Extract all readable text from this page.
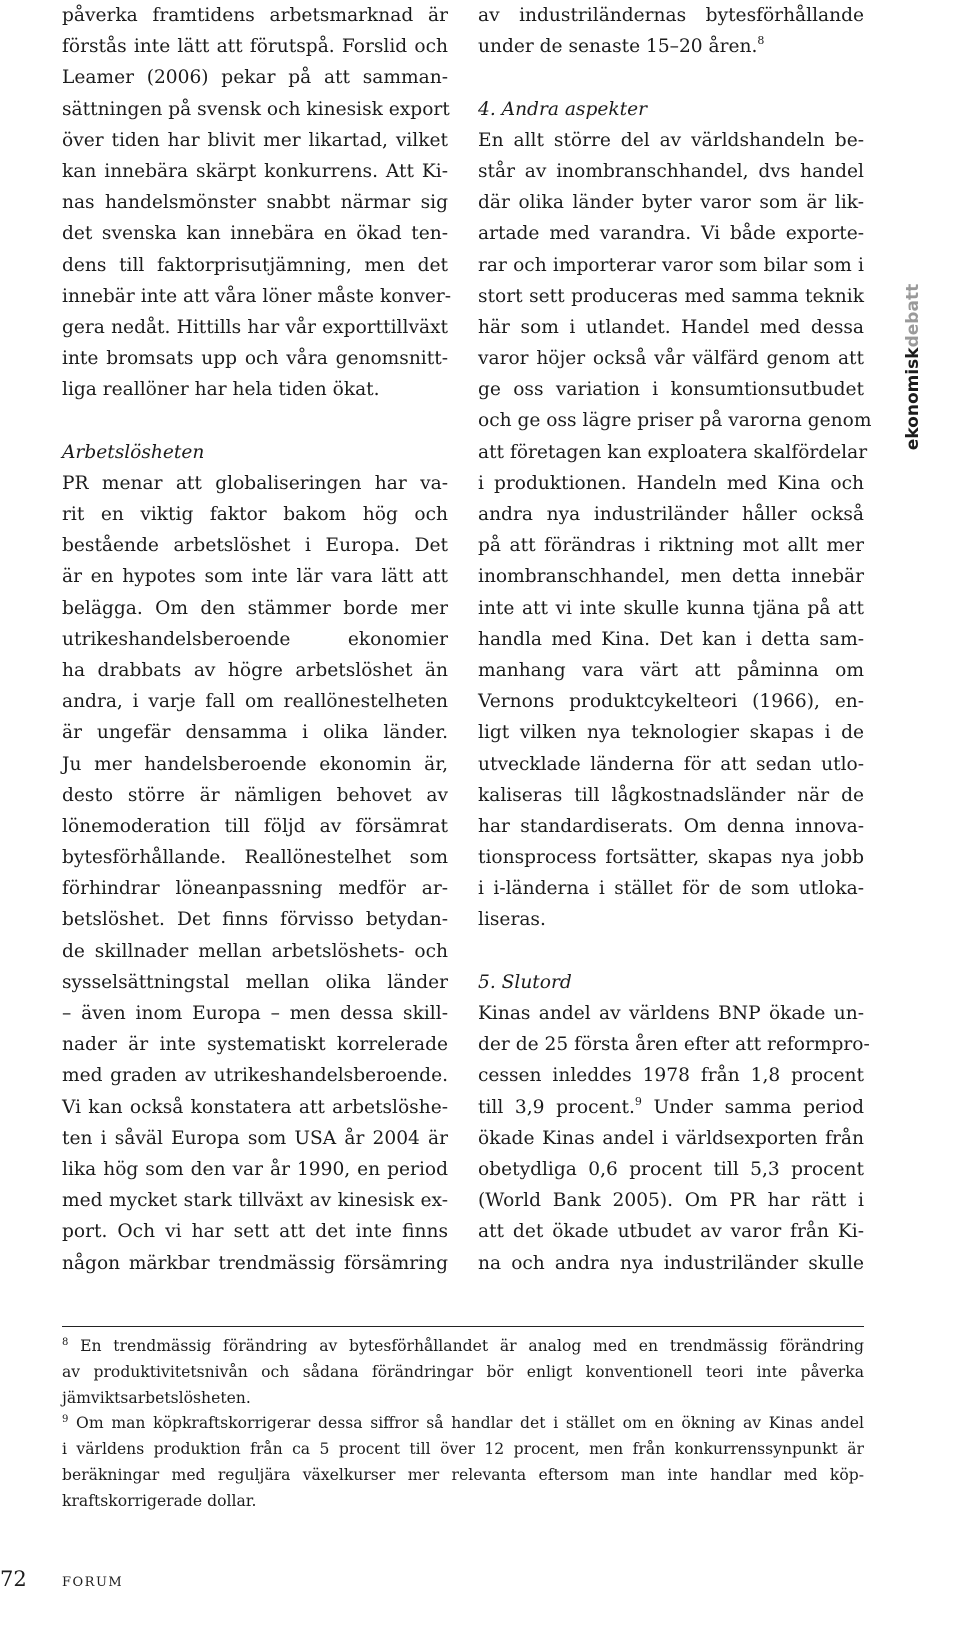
påverka framtidens arbetsmarknad är
förstås inte lätt att förutspå. Forslid och
Leamer (2006) pekar på att samman-
sättningen på svensk och kinesisk export
över tiden har blivit mer likartad, vilket
kan innebära skärpt konkurrens. Att Ki-
nas handelsmönster snabbt närmar sig
det svenska kan innebära en ökad ten-
dens till faktorprisutjämning, men det
innebär inte att våra löner måste konver-
gera nedåt. Hittills har vår exporttillväxt
inte bromsats upp och våra genomsnitt-
liga reallöner har hela tiden ökat.
Arbetslösheten
PR menar att globaliseringen har va-
rit en viktig faktor bakom hög och
bestående arbetslöshet i Europa. Det
är en hypotes som inte lär vara lätt att
belägga. Om den stämmer borde mer
utrikeshandelsberoende ekonomier
ha drabbats av högre arbetslöshet än
andra, i varje fall om reallönestelheten
är ungefär densamma i olika länder.
Ju mer handelsberoende ekonomin är,
desto större är nämligen behovet av
lönemoderation till följd av försämrat
bytesförhållande. Reallönestelhet som
förhindrar löneanpassning medför ar-
betslöshet. Det finns förvisso betydan-
de skillnader mellan arbetslöshets- och
sysselsättningstal mellan olika länder
– även inom Europa – men dessa skill-
nader är inte systematiskt korrelerade
med graden av utrikeshandelsberoende.
Vi kan också konstatera att arbetslöshe-
ten i såväl Europa som USA år 2004 är
lika hög som den var år 1990, en period
med mycket stark tillväxt av kinesisk ex-
port. Och vi har sett att det inte finns
någon märkbar trendmässig försämring
av industriländernas bytesförhållande
under de senaste 15–20 åren.$^8$
4. Andra aspekter
En allt större del av världshandeln be-
står av inombranschhandel, dvs handel
där olika länder byter varor som är lik-
artade med varandra. Vi både exporte-
rar och importerar varor som bilar som i
stort sett produceras med samma teknik
här som i utlandet. Handel med dessa
varor höjer också vår välfärd genom att
ge oss variation i konsumtionsutbudet
och ge oss lägre priser på varorna genom
att företagen kan exploatera skalfördelar
i produktionen. Handeln med Kina och
andra nya industriländer håller också
på att förändras i riktning mot allt mer
inombranschhandel, men detta innebär
inte att vi inte skulle kunna tjäna på att
handla med Kina. Det kan i detta sam-
manhang vara värt att påminna om
Vernons produktcykelteori (1966), en-
ligt vilken nya teknologier skapas i de
utvecklade länderna för att sedan utlo-
kaliseras till lågkostnadsländer när de
har standardiserats. Om denna innova-
tionsprocess fortsätter, skapas nya jobb
i i-länderna i stället för de som utloka-
liseras.
5. Slutord
Kinas andel av världens BNP ökade un-
der de 25 första åren efter att reformpro-
cessen inleddes 1978 från 1,8 procent
till 3,9 procent.$^9$ Under samma period
ökade Kinas andel i världsexporten från
obetydliga 0,6 procent till 5,3 procent
(World Bank 2005). Om PR har rätt i
att det ökade utbudet av varor från Ki-
na och andra nya industriländer skulle
ekonomiskdebatt
$^8$ En trendmässig förändring av bytesförhållandet är analog med en trendmässig förändring
av produktivitetsnivån och sådana förändringar bör enligt konventionell teori inte påverka
jämviktsarbetslösheten.
$^9$ Om man köpkraftskorrigerar dessa siffror så handlar det i stället om en ökning av Kinas andel
i världens produktion från ca 5 procent till över 12 procent, men från konkurrenssynpunkt är
beräkningar med reguljära växelkurser mer relevanta eftersom man inte handlar med köp-
kraftskorrigerade dollar.
72	FORUM
